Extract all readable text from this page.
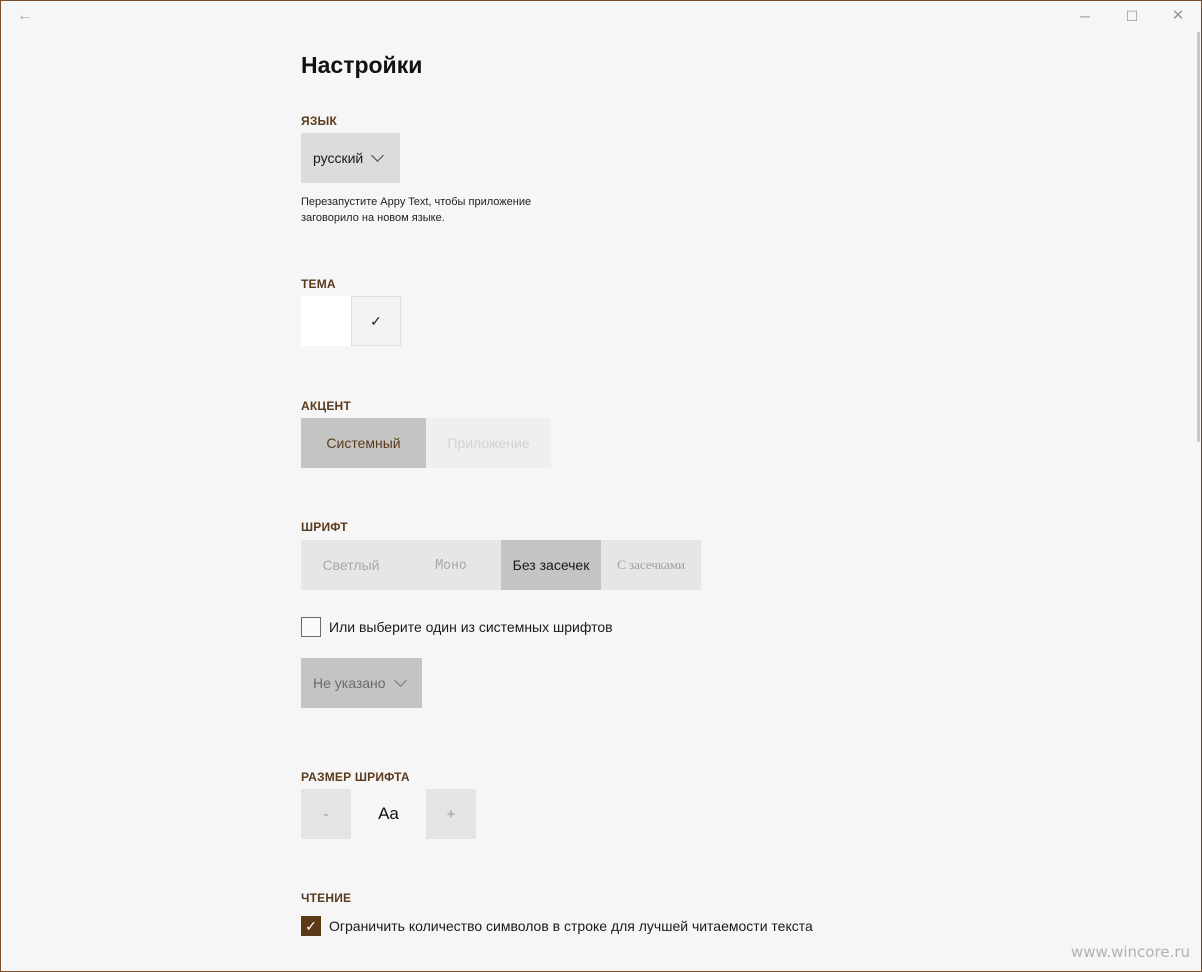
←	─	☐	✕
Настройки
ЯЗЫК
русский
Перезапустите Appy Text, чтобы приложение заговорило на новом языке.
ТЕМА
✓
АКЦЕНТ
Системный	Приложение
ШРИФТ
Светлый	Моно	Без засечек С засечками
Или выберите один из системных шрифтов
Не указано
РАЗМЕР ШРИФТА
-	Aa	+
ЧТЕНИЕ
✓ Ограничить количество символов в строке для лучшей читаемости текста
www.wincore.ru
